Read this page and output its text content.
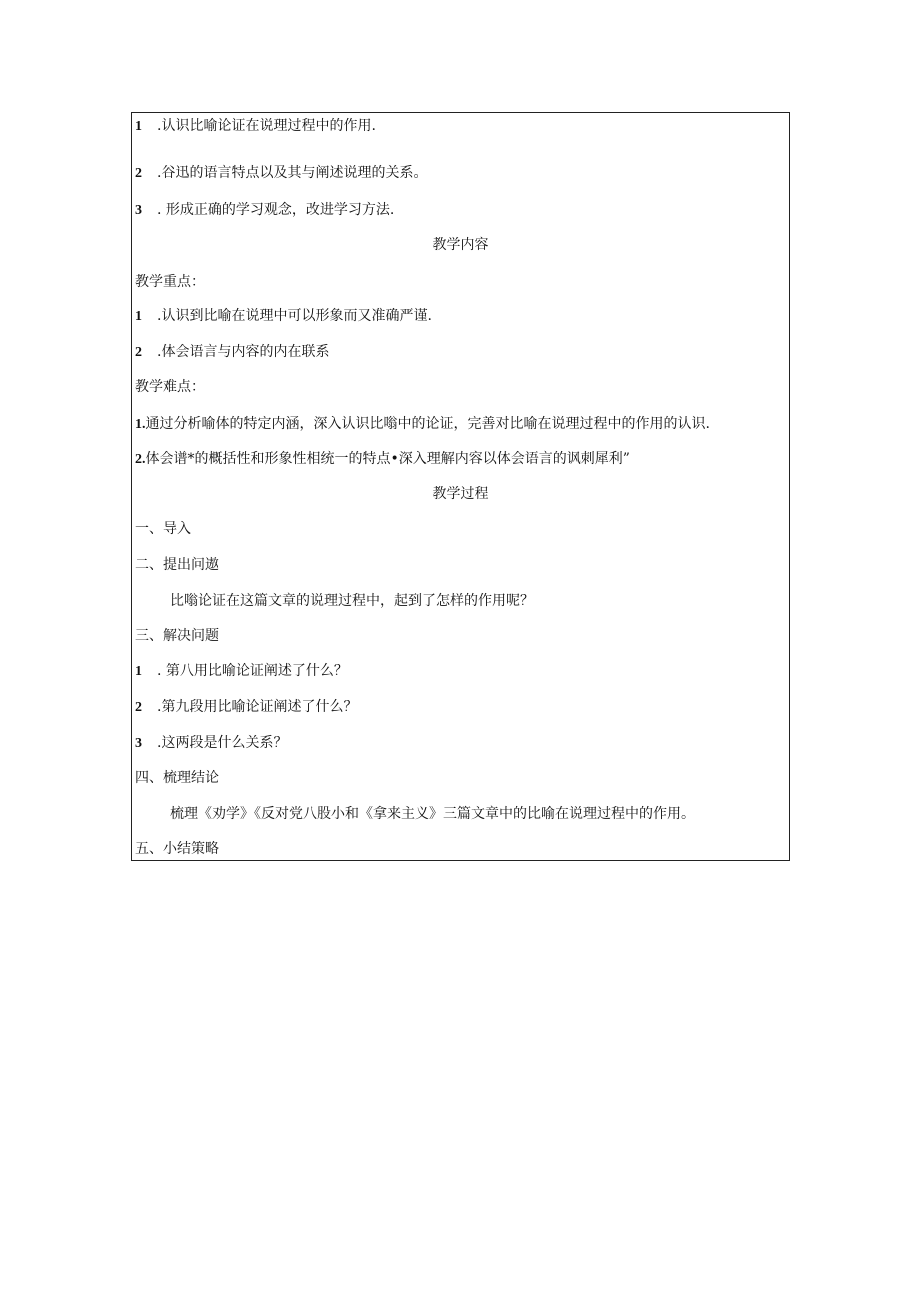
1 .认识比喻论证在说理过程中的作用.
2 .谷迅的语言特点以及其与阐述说理的关系。
3 . 形成正确的学习观念，改进学习方法.
教学内容
教学重点：
1 .认识到比喻在说理中可以形象而又准确严谨.
2 .体会语言与内容的内在联系
教学难点：
1.通过分析喻体的特定内涵，深入认识比嗡中的论证，完善对比喻在说理过程中的作用的认识.
2.体会谱*的概括性和形象性相统一的特点•深入理解内容以体会语言的讽刺犀利”
教学过程
一、导入
二、提出问遨
比嗡论证在这篇文章的说理过程中，起到了怎样的作用呢？
三、解决问题
1 . 第八用比喻论证阐述了什么？
2 .第九段用比喻论证阐述了什么？
3 .这两段是什么关系？
四、梳理结论
梳理《劝学》《反对党八股小和《拿来主义》三篇文章中的比喻在说理过程中的作用。
五、小结策略
